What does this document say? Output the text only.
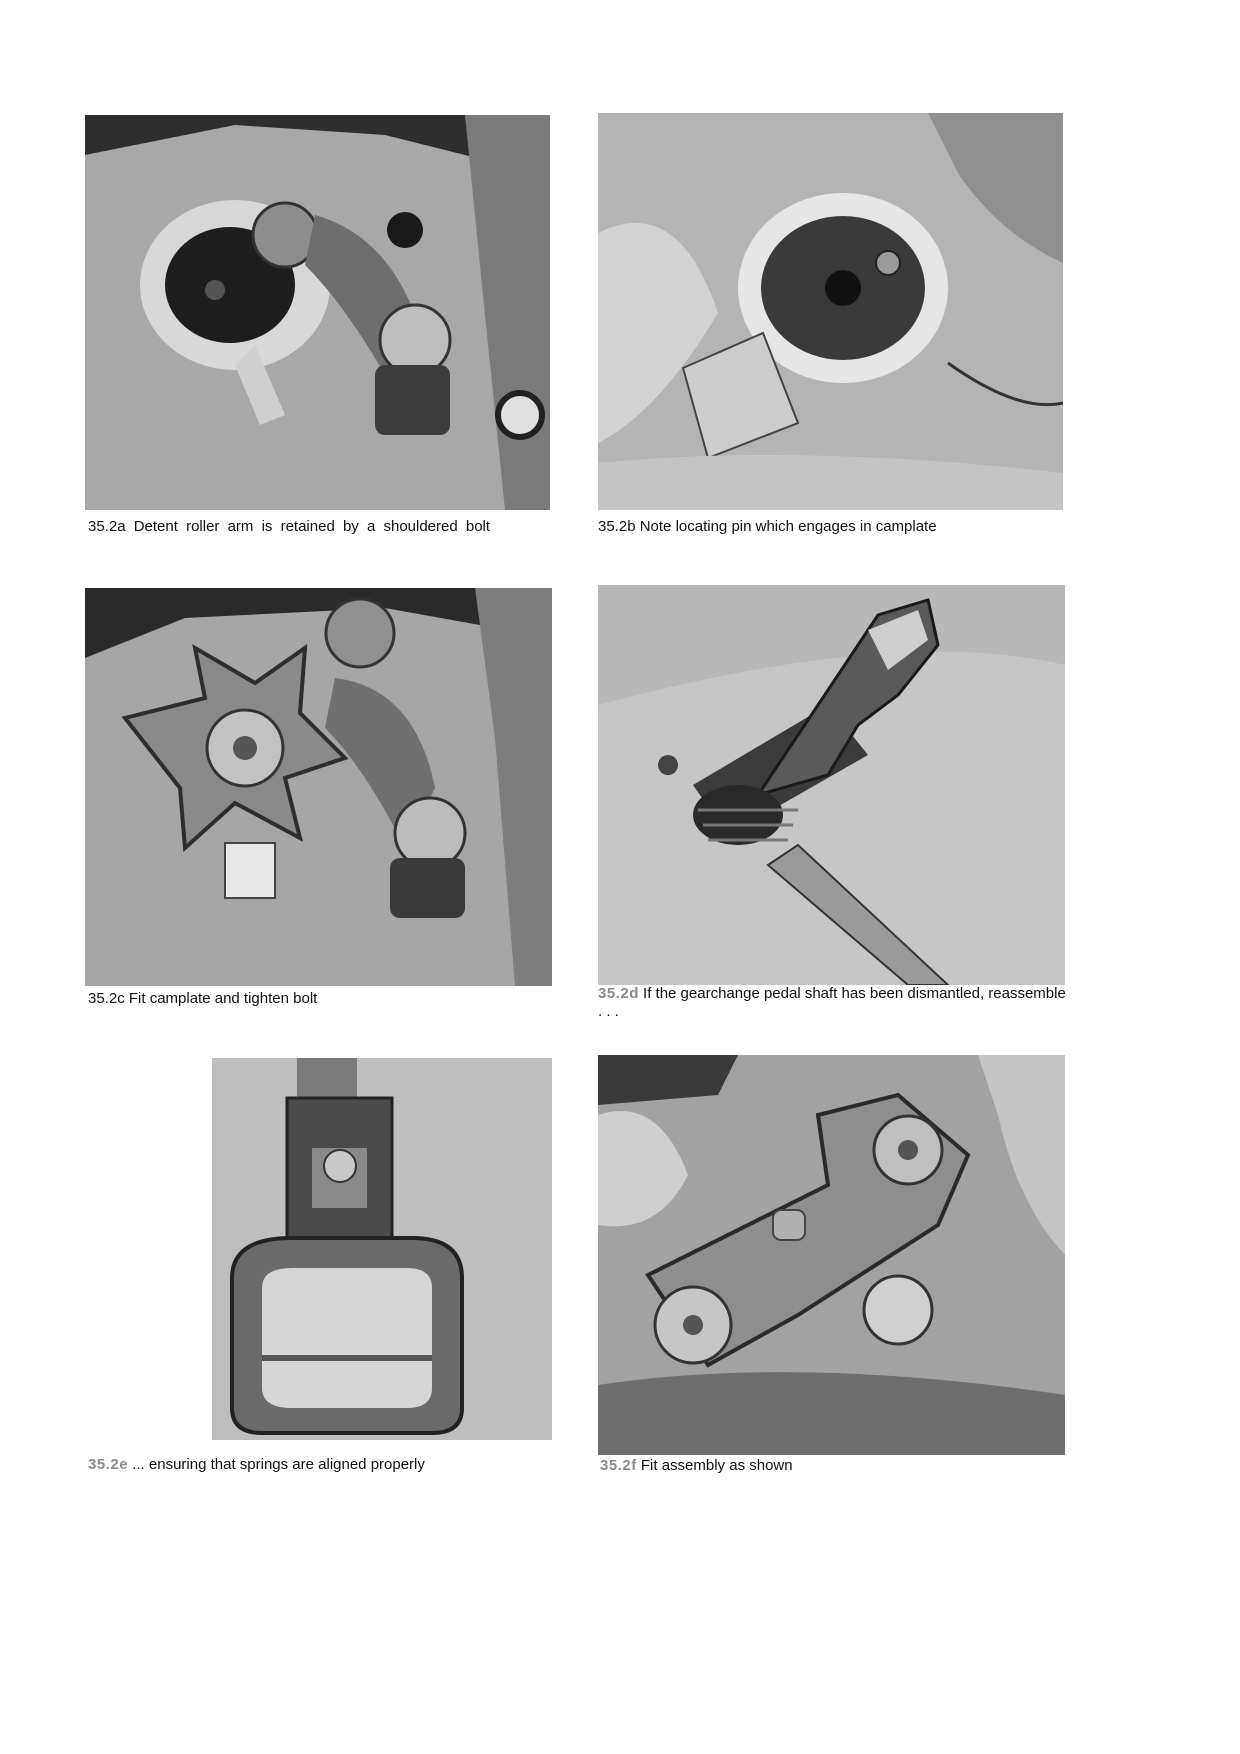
35.2a Detent roller arm is retained by a shouldered bolt	35.2b Note locating pin which engages in camplate
35.2c Fit camplate and tighten bolt	35.2d If the gearchange pedal shaft has been dismantled, reassemble . . .
35.2e ... ensuring that springs are aligned properly	35.2f Fit assembly as shown
